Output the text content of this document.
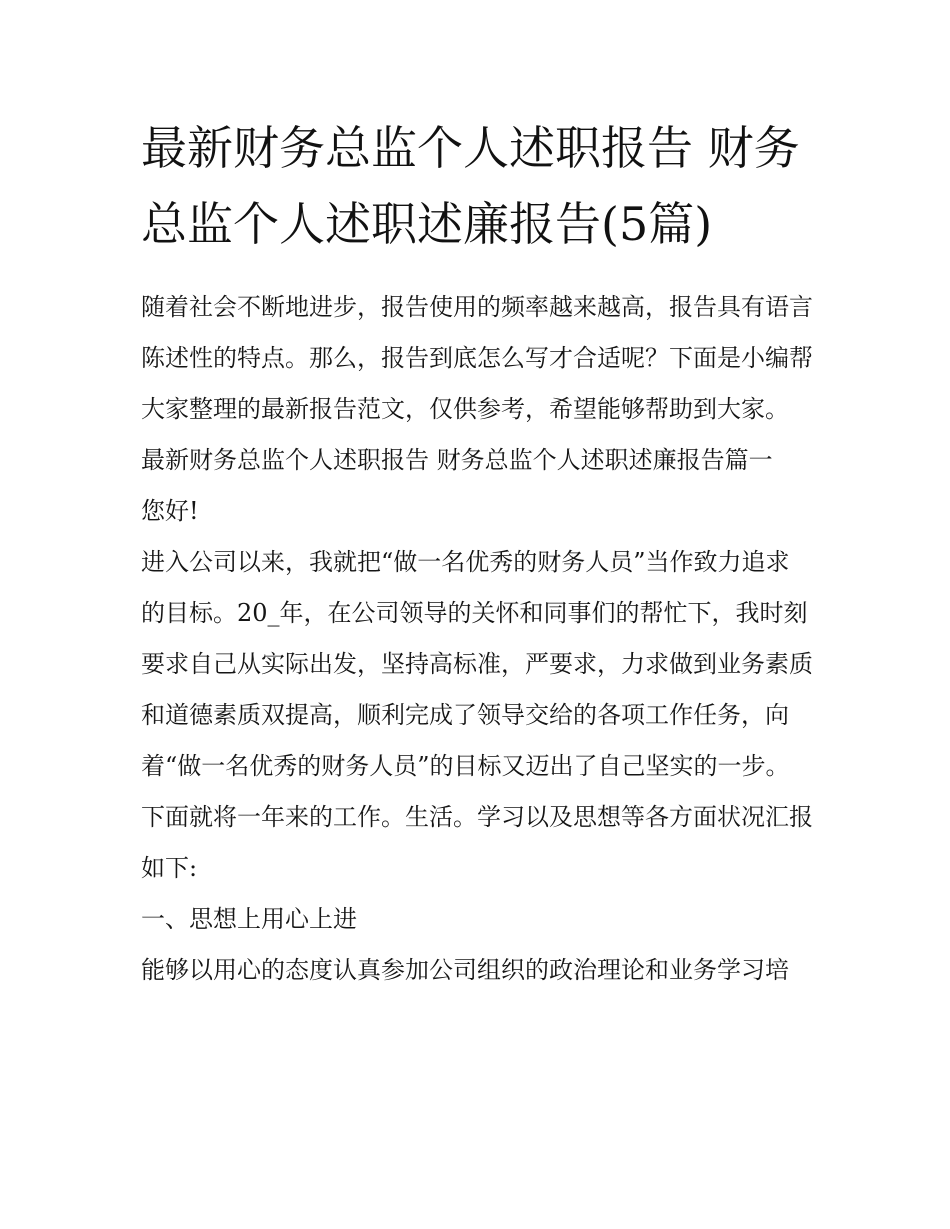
最新财务总监个人述职报告 财务总监个人述职述廉报告(5篇)

随着社会不断地进步，报告使用的频率越来越高，报告具有语言陈述性的特点。那么，报告到底怎么写才合适呢？下面是小编帮大家整理的最新报告范文，仅供参考，希望能够帮助到大家。

最新财务总监个人述职报告 财务总监个人述职述廉报告篇一

您好!

进入公司以来，我就把“做一名优秀的财务人员”当作致力追求的目标。20_年，在公司领导的关怀和同事们的帮忙下，我时刻要求自己从实际出发，坚持高标准，严要求，力求做到业务素质和道德素质双提高，顺利完成了领导交给的各项工作任务，向着“做一名优秀的财务人员”的目标又迈出了自己坚实的一步。下面就将一年来的工作。生活。学习以及思想等各方面状况汇报如下:

一、思想上用心上进

能够以用心的态度认真参加公司组织的政治理论和业务学习培
